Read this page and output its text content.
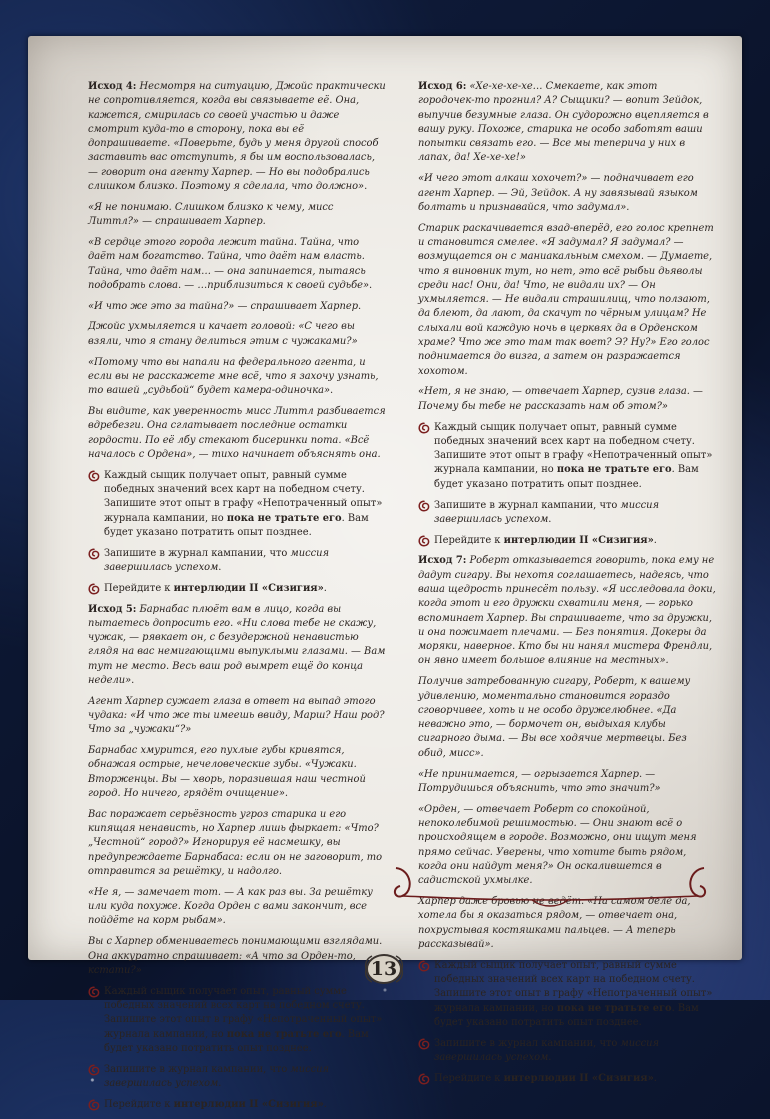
Исход 4: Несмотря на ситуацию, Джойс практически не сопротивляется, когда вы связываете её. Она, кажется, смирилась со своей участью и даже смотрит куда-то в сторону, пока вы её допрашиваете. «Поверьте, будь у меня другой способ заставить вас отступить, я бы им воспользовалась, — говорит она агенту Харпер. — Но вы подобрались слишком близко. Поэтому я сделала, что должно».

«Я не понимаю. Слишком близко к чему, мисс Литтл?» — спрашивает Харпер.

«В сердце этого города лежит тайна. Тайна, что даёт нам богатство. Тайна, что даёт нам власть. Тайна, что даёт нам… — она запинается, пытаясь подобрать слова. — …приблизиться к своей судьбе».

«И что же это за тайна?» — спрашивает Харпер.

Джойс ухмыляется и качает головой: «С чего вы взяли, что я стану делиться этим с чужаками?»

«Потому что вы напали на федерального агента, и если вы не расскажете мне всё, что я захочу узнать, то вашей „судьбой“ будет камера-одиночка».

Вы видите, как уверенность мисс Литтл разбивается вдребезги. Она сглатывает последние остатки гордости. По её лбу стекают бисеринки пота. «Всё началось с Ордена», — тихо начинает объяснять она.

Каждый сыщик получает опыт, равный сумме победных значений всех карт на победном счету. Запишите этот опыт в графу «Непотраченный опыт» журнала кампании, но пока не тратьте его. Вам будет указано потратить опыт позднее.
Запишите в журнал кампании, что миссия завершилась успехом.
Перейдите к интерлюдии II «Сизигия».

Исход 5: Барнабас плюёт вам в лицо, когда вы пытаетесь допросить его. «Ни слова тебе не скажу, чужак, — рявкает он, с безудержной ненавистью глядя на вас немигающими выпуклыми глазами. — Вам тут не место. Весь ваш род вымрет ещё до конца недели».

Агент Харпер сужает глаза в ответ на выпад этого чудака: «И что же ты имеешь ввиду, Марш? Наш род? Что за „чужаки“?»

Барнабас хмурится, его пухлые губы кривятся, обнажая острые, нечеловеческие зубы. «Чужаки. Вторженцы. Вы — хворь, поразившая наш честной город. Но ничего, грядёт очищение».

Вас поражает серьёзность угроз старика и его кипящая ненависть, но Харпер лишь фыркает: «Что? „Честной“ город?» Игнорируя её насмешку, вы предупреждаете Барнабаса: если он не заговорит, то отправится за решётку, и надолго.

«Не я, — замечает тот. — А как раз вы. За решётку или куда похуже. Когда Орден с вами закончит, все пойдёте на корм рыбам».

Вы с Харпер обмениваетесь понимающими взглядами. Она аккуратно спрашивает: «А что за Орден-то, кстати?»

Каждый сыщик получает опыт, равный сумме победных значений всех карт на победном счету. Запишите этот опыт в графу «Непотраченный опыт» журнала кампании, но пока не тратьте его. Вам будет указано потратить опыт позднее.
Запишите в журнал кампании, что миссия завершилась успехом.
Перейдите к интерлюдии II «Сизигия».

Исход 6: «Хе-хе-хе-хе… Смекаете, как этот городочек-то прогнил? А? Сыщики? — вопит Зейдок, выпучив безумные глаза. Он судорожно вцепляется в вашу руку. Похоже, старика не особо заботят ваши попытки связать его. — Все мы теперича у них в лапах, да! Хе-хе-хе!»

«И чего этот алкаш хохочет?» — подначивает его агент Харпер. — Эй, Зейдок. А ну завязывай языком болтать и признавайся, что задумал».

Старик раскачивается взад-вперёд, его голос крепнет и становится смелее. «Я задумал? Я задумал? — возмущается он с маниакальным смехом. — Думаете, что я виновник тут, но нет, это всё рыбьи дьяволы среди нас! Они, да! Что, не видали их? — Он ухмыляется. — Не видали страшилищ, что ползают, да блеют, да лают, да скачут по чёрным улицам? Не слыхали вой каждую ночь в церквях да в Орденском храме? Что же это там так воет? Э? Ну?» Его голос поднимается до визга, а затем он разражается хохотом.

«Нет, я не знаю, — отвечает Харпер, сузив глаза. — Почему бы тебе не рассказать нам об этом?»

Каждый сыщик получает опыт, равный сумме победных значений всех карт на победном счету. Запишите этот опыт в графу «Непотраченный опыт» журнала кампании, но пока не тратьте его. Вам будет указано потратить опыт позднее.
Запишите в журнал кампании, что миссия завершилась успехом.
Перейдите к интерлюдии II «Сизигия».

Исход 7: Роберт отказывается говорить, пока ему не дадут сигару. Вы нехотя соглашаетесь, надеясь, что ваша щедрость принесёт пользу. «Я исследовала доки, когда этот и его дружки схватили меня, — горько вспоминает Харпер. Вы спрашиваете, что за дружки, и она пожимает плечами. — Без понятия. Докеры да моряки, наверное. Кто бы ни нанял мистера Френдли, он явно имеет большое влияние на местных».

Получив затребованную сигару, Роберт, к вашему удивлению, моментально становится гораздо сговорчивее, хоть и не особо дружелюбнее. «Да неважно это, — бормочет он, выдыхая клубы сигарного дыма. — Вы все ходячие мертвецы. Без обид, мисс».

«Не принимается, — огрызается Харпер. — Потрудишься объяснить, что это значит?»

«Орден, — отвечает Роберт со спокойной, непоколебимой решимостью. — Они знают всё о происходящем в городе. Возможно, они ищут меня прямо сейчас. Уверены, что хотите быть рядом, когда они найдут меня?» Он оскалившется в садистской ухмылке.

Харпер даже бровью не ведёт. «На самом деле да, хотела бы я оказаться рядом, — отвечает она, похрустывая костяшками пальцев. — А теперь рассказывай».

Каждый сыщик получает опыт, равный сумме победных значений всех карт на победном счету. Запишите этот опыт в графу «Непотраченный опыт» журнала кампании, но пока не тратьте его. Вам будет указано потратить опыт позднее.
Запишите в журнал кампании, что миссия завершилась успехом.
Перейдите к интерлюдии II «Сизигия».
13
